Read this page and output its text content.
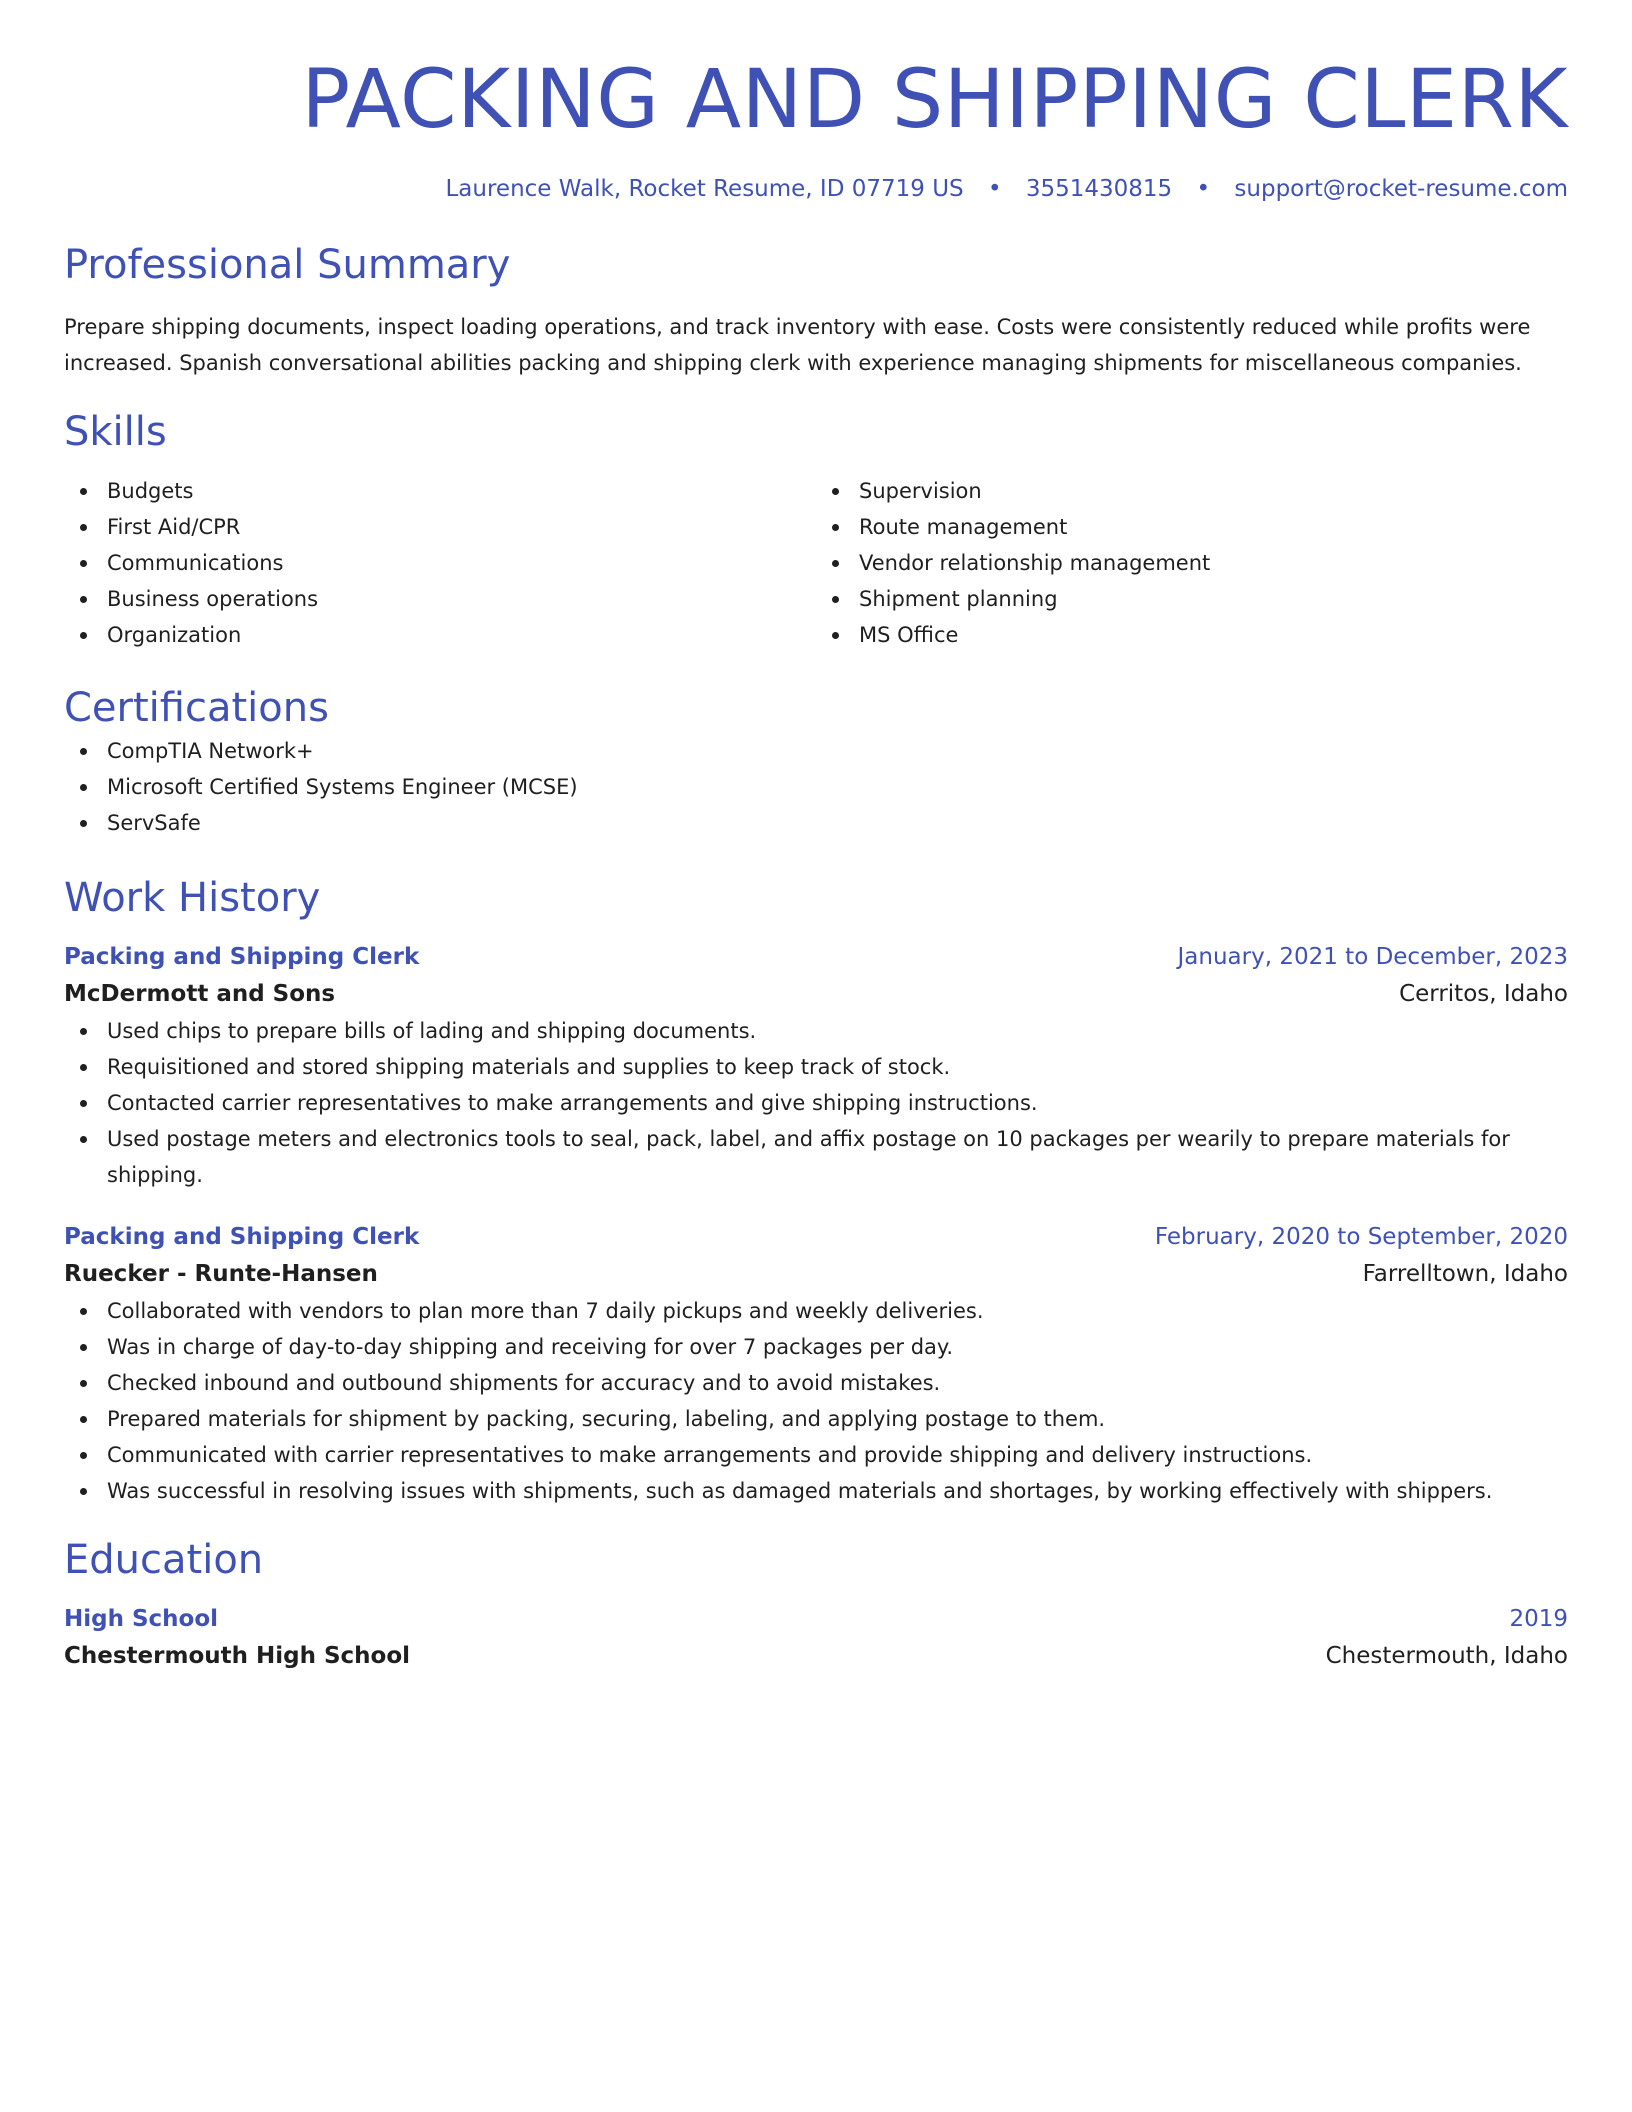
PACKING AND SHIPPING CLERK
Laurence Walk, Rocket Resume, ID 07719 US • 3551430815 • support@rocket-resume.com
Professional Summary

Prepare shipping documents, inspect loading operations, and track inventory with ease. Costs were consistently reduced while profits were increased. Spanish conversational abilities packing and shipping clerk with experience managing shipments for miscellaneous companies.

Skills
Budgets
First Aid/CPR
Communications
Business operations
Organization
Supervision
Route management
Vendor relationship management
Shipment planning
MS Office
Certifications
CompTIA Network+
Microsoft Certified Systems Engineer (MCSE)
ServSafe
Work History
Packing and Shipping Clerk	January, 2021 to December, 2023
McDermott and Sons	Cerritos, Idaho
Used chips to prepare bills of lading and shipping documents.
Requisitioned and stored shipping materials and supplies to keep track of stock.
Contacted carrier representatives to make arrangements and give shipping instructions.
Used postage meters and electronics tools to seal, pack, label, and affix postage on 10 packages per wearily to prepare materials for shipping.
Packing and Shipping Clerk	February, 2020 to September, 2020
Ruecker - Runte-Hansen	Farrelltown, Idaho
Collaborated with vendors to plan more than 7 daily pickups and weekly deliveries.
Was in charge of day-to-day shipping and receiving for over 7 packages per day.
Checked inbound and outbound shipments for accuracy and to avoid mistakes.
Prepared materials for shipment by packing, securing, labeling, and applying postage to them.
Communicated with carrier representatives to make arrangements and provide shipping and delivery instructions.
Was successful in resolving issues with shipments, such as damaged materials and shortages, by working effectively with shippers.
Education
High School	2019
Chestermouth High School	Chestermouth, Idaho
